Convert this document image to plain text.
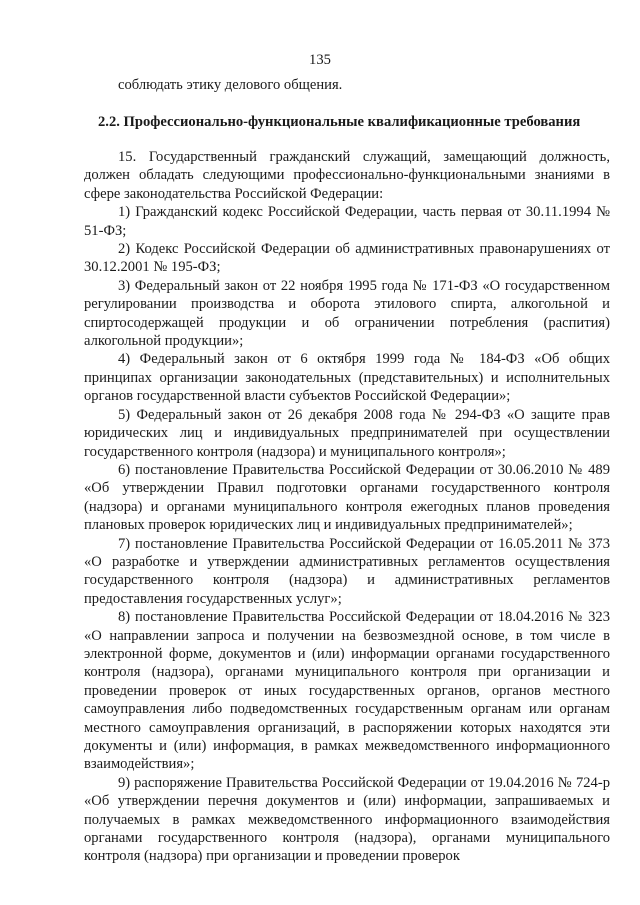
135
соблюдать этику делового общения.
2.2. Профессионально-функциональные квалификационные требования

15. Государственный гражданский служащий, замещающий должность, должен обладать следующими профессионально-функциональными знаниями в сфере законодательства Российской Федерации:

1) Гражданский кодекс Российской Федерации, часть первая от 30.11.1994 № 51-ФЗ;

2) Кодекс Российской Федерации об административных правонарушениях от 30.12.2001 № 195-ФЗ;

3) Федеральный закон от 22 ноября 1995 года № 171-ФЗ «О государственном регулировании производства и оборота этилового спирта, алкогольной и спиртосодержащей продукции и об ограничении потребления (распития) алкогольной продукции»;

4) Федеральный закон от 6 октября 1999 года № 184-ФЗ «Об общих принципах организации законодательных (представительных) и исполнительных органов государственной власти субъектов Российской Федерации»;

5) Федеральный закон от 26 декабря 2008 года № 294-ФЗ «О защите прав юридических лиц и индивидуальных предпринимателей при осуществлении государственного контроля (надзора) и муниципального контроля»;

6) постановление Правительства Российской Федерации от 30.06.2010 № 489 «Об утверждении Правил подготовки органами государственного контроля (надзора) и органами муниципального контроля ежегодных планов проведения плановых проверок юридических лиц и индивидуальных предпринимателей»;

7) постановление Правительства Российской Федерации от 16.05.2011 № 373 «О разработке и утверждении административных регламентов осуществления государственного контроля (надзора) и административных регламентов предоставления государственных услуг»;

8) постановление Правительства Российской Федерации от 18.04.2016 № 323 «О направлении запроса и получении на безвозмездной основе, в том числе в электронной форме, документов и (или) информации органами государственного контроля (надзора), органами муниципального контроля при организации и проведении проверок от иных государственных органов, органов местного самоуправления либо подведомственных государственным органам или органам местного самоуправления организаций, в распоряжении которых находятся эти документы и (или) информация, в рамках межведомственного информационного взаимодействия»;

9) распоряжение Правительства Российской Федерации от 19.04.2016 № 724-р «Об утверждении перечня документов и (или) информации, запрашиваемых и получаемых в рамках межведомственного информационного взаимодействия органами государственного контроля (надзора), органами муниципального контроля (надзора) при организации и проведении проверок
